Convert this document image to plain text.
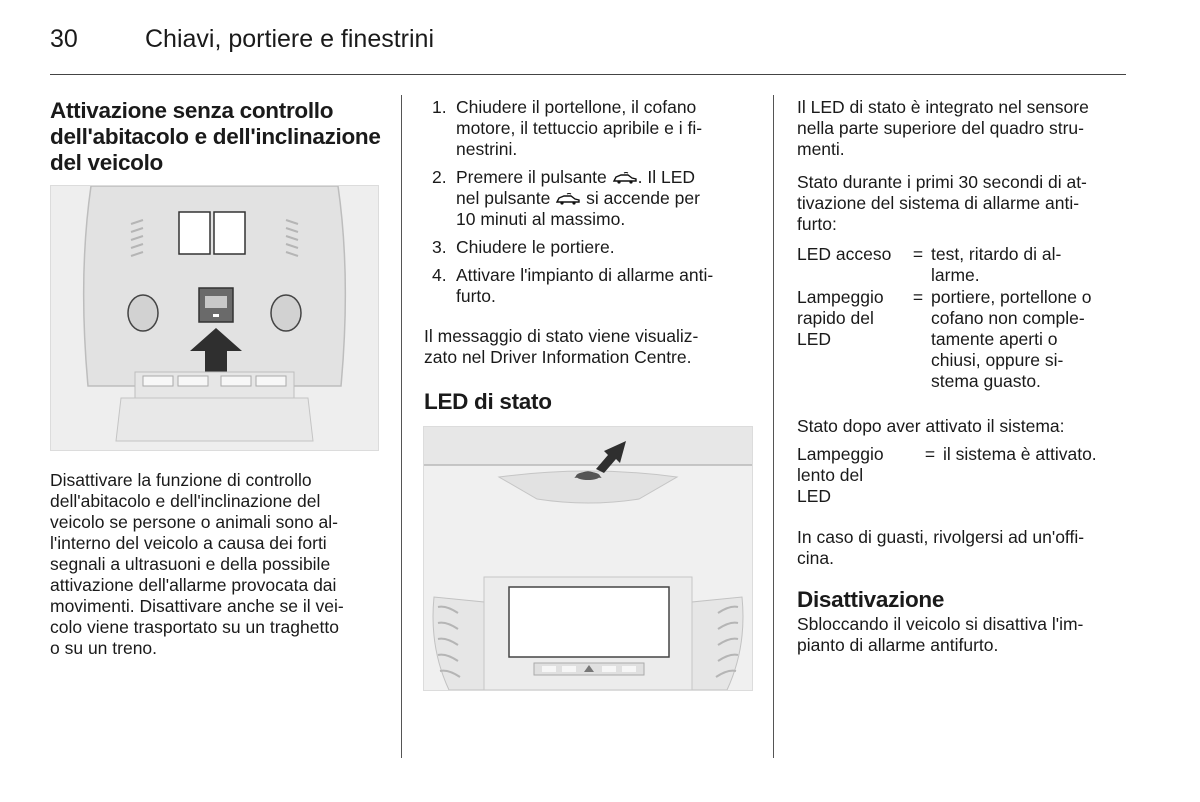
30	Chiavi, portiere e finestrini
Attivazione senza controllo
dell'abitacolo e dell'inclinazione
del veicolo

Disattivare la funzione di controllo

dell'abitacolo e dell'inclinazione del

veicolo se persone o animali sono al-

l'interno del veicolo a causa dei forti

segnali a ultrasuoni e della possibile

attivazione dell'allarme provocata dai

movimenti. Disattivare anche se il vei-

colo viene trasportato su un traghetto

o su un treno.

1. Chiudere il portellone, il cofano
motore, il tettuccio apribile e i fi-
nestrini.
2. Premere il pulsante . Il LED
nel pulsante  si accende per
10 minuti al massimo.
3. Chiudere le portiere.
4. Attivare l'impianto di allarme anti-
furto.

Il messaggio di stato viene visualiz-

zato nel Driver Information Centre.

LED di stato

Il LED di stato è integrato nel sensore

nella parte superiore del quadro stru-

menti.

Stato durante i primi 30 secondi di at-

tivazione del sistema di allarme anti-

furto:

LED acceso	= test, ritardo di al-
larme.
Lampeggio
rapido del
LED
= portiere, portellone o
cofano non comple-
tamente aperti o
chiusi, oppure si-
stema guasto.

Stato dopo aver attivato il sistema:

Lampeggio
lento del
LED
= il sistema è attivato.

In caso di guasti, rivolgersi ad un'offi-

cina.

Disattivazione

Sbloccando il veicolo si disattiva l'im-

pianto di allarme antifurto.
